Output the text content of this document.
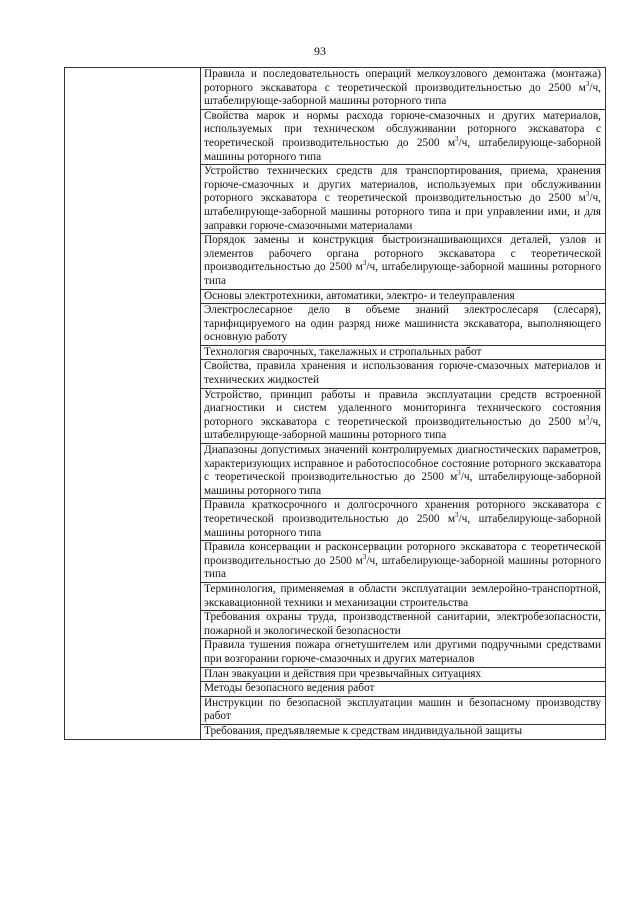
93
	Правила и последовательность операций мелкоузлового демонтажа (монтажа) роторного экскаватора с теоретической производительностью до 2500 $м^3/ч$, штабелирующе-заборной машины роторного типа
Свойства марок и нормы расхода горюче-смазочных и других материалов, используемых при техническом обслуживании роторного экскаватора с теоретической производительностью до 2500 $м^3/ч$, штабелирующе-заборной машины роторного типа
Устройство технических средств для транспортирования, приема, хранения горюче-смазочных и других материалов, используемых при обслуживании роторного экскаватора с теоретической производительностью до 2500 $м^3/ч$, штабелирующе-заборной машины роторного типа и при управлении ими, и для заправки горюче-смазочными материалами
Порядок замены и конструкция быстроизнашивающихся деталей, узлов и элементов рабочего органа роторного экскаватора с теоретической производительностью до 2500 $м^3/ч$, штабелирующе-заборной машины роторного типа
Основы электротехники, автоматики, электро- и телеуправления
Электрослесарное дело в объеме знаний электрослесаря (слесаря), тарифицируемого на один разряд ниже машиниста экскаватора, выполняющего основную работу
Технология сварочных, такелажных и стропальных работ
Свойства, правила хранения и использования горюче-смазочных материалов и технических жидкостей
Устройство, принцип работы и правила эксплуатации средств встроенной диагностики и систем удаленного мониторинга технического состояния роторного экскаватора с теоретической производительностью до 2500 $м^3/ч$, штабелирующе-заборной машины роторного типа
Диапазоны допустимых значений контролируемых диагностических параметров, характеризующих исправное и работоспособное состояние роторного экскаватора с теоретической производительностью до 2500 $м^3/ч$, штабелирующе-заборной машины роторного типа
Правила краткосрочного и долгосрочного хранения роторного экскаватора с теоретической производительностью до 2500 $м^3/ч$, штабелирующе-заборной машины роторного типа
Правила консервации и расконсервации роторного экскаватора с теоретической производительностью до 2500 $м^3/ч$, штабелирующе-заборной машины роторного типа
Терминология, применяемая в области эксплуатации землеройно-транспортной, экскавационной техники и механизации строительства
Требования охраны труда, производственной санитарии, электробезопасности, пожарной и экологической безопасности
Правила тушения пожара огнетушителем или другими подручными средствами при возгорании горюче-смазочных и других материалов
План эвакуации и действия при чрезвычайных ситуациях
Методы безопасного ведения работ
Инструкции по безопасной эксплуатации машин и безопасному производству работ
Требования, предъявляемые к средствам индивидуальной защиты
